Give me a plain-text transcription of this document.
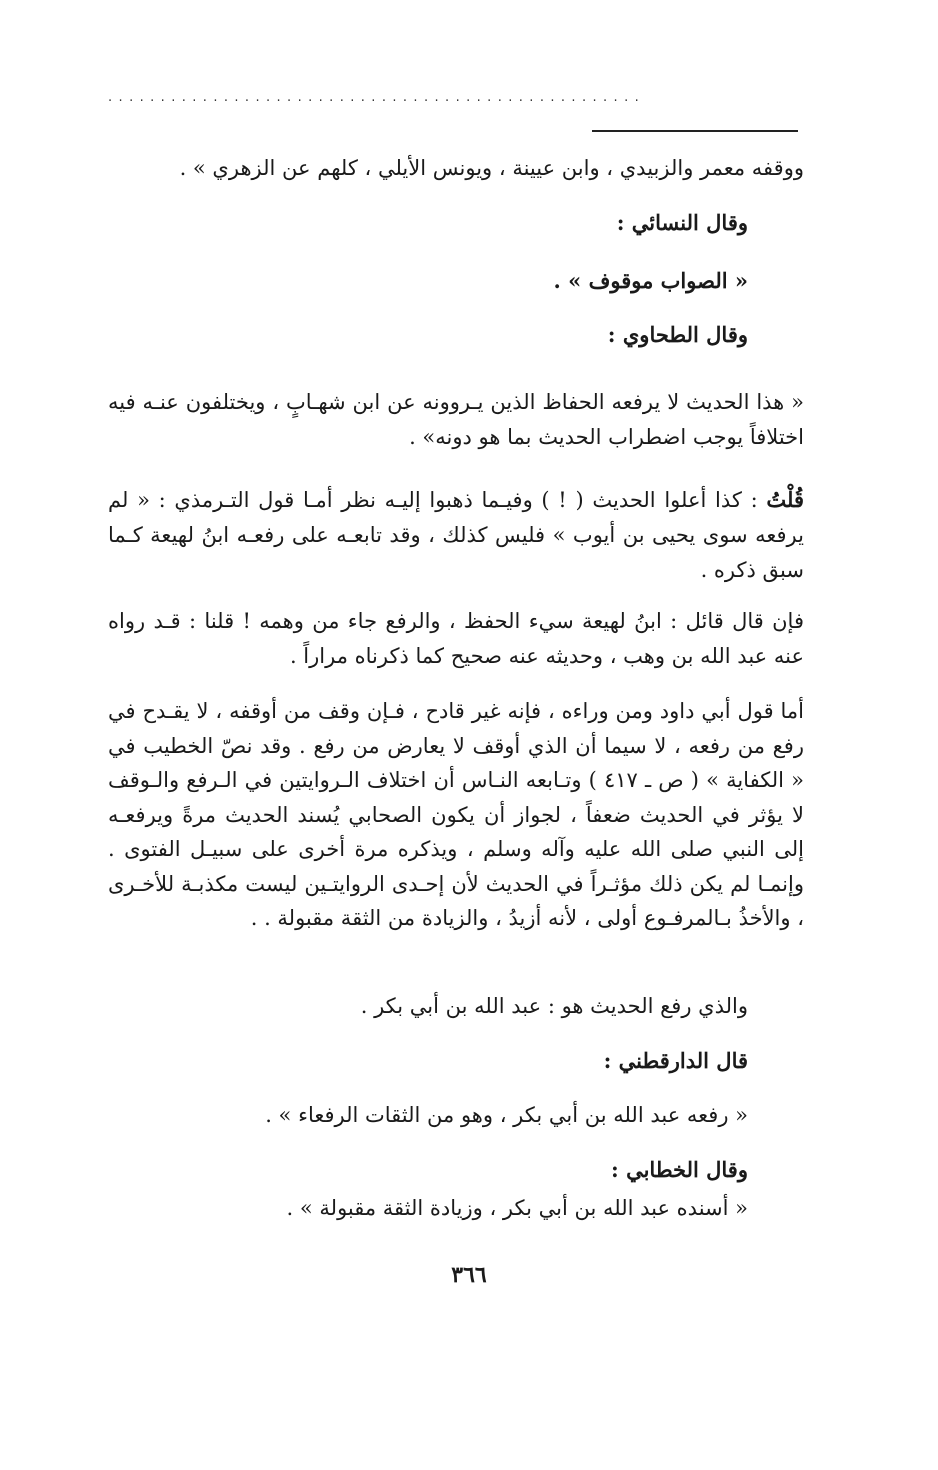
...................................................
ووقفه معمر والزبيدي ، وابن عيينة ، ويونس الأيلي ، كلهم عن الزهري » .
وقال النسائي :
« الصواب موقوف » .
وقال الطحاوي :
« هذا الحديث لا يرفعه الحفاظ الذين يـروونه عن ابن شهـابٍ ، ويختلفون عنـه فيه اختلافاً يوجب اضطراب الحديث بما هو دونه» .
قُلْتُ : كذا أعلوا الحديث ( ! ) وفيـما ذهبوا إليـه نظر أمـا قول التـرمذي : « لم يرفعه سوى يحيى بن أيوب » فليس كذلك ، وقد تابعـه على رفعـه ابنُ لهيعة كـما سبق ذكره .
فإن قال قائل : ابنُ لهيعة سيء الحفظ ، والرفع جاء من وهمه ! قلنا : قـد رواه عنه عبد الله بن وهب ، وحديثه عنه صحيح كما ذكرناه مراراً .
أما قول أبي داود ومن وراءه ، فإنه غير قادح ، فـإن وقف من أوقفه ، لا يقـدح في رفع من رفعه ، لا سيما أن الذي أوقف لا يعارض من رفع . وقد نصّ الخطيب في « الكفاية » ( ص ـ ٤١٧ ) وتـابعه النـاس أن اختلاف الـروايتين في الـرفع والـوقف لا يؤثر في الحديث ضعفاً ، لجواز أن يكون الصحابي يُسند الحديث مرةً ويرفعـه إلى النبي صلى الله عليه وآله وسلم ، ويذكره مرة أخرى على سبيـل الفتوى . وإنمـا لم يكن ذلك مؤثـراً في الحديث لأن إحـدى الروايتـين ليست مكذبـة للأخـرى ، والأخذُ بـالمرفـوع أولى ، لأنه أزيدُ ، والزيادة من الثقة مقبولة . .
والذي رفع الحديث هو : عبد الله بن أبي بكر .
قال الدارقطني :
« رفعه عبد الله بن أبي بكر ، وهو من الثقات الرفعاء » .
وقال الخطابي :
« أسنده عبد الله بن أبي بكر ، وزيادة الثقة مقبولة » .
٣٦٦
